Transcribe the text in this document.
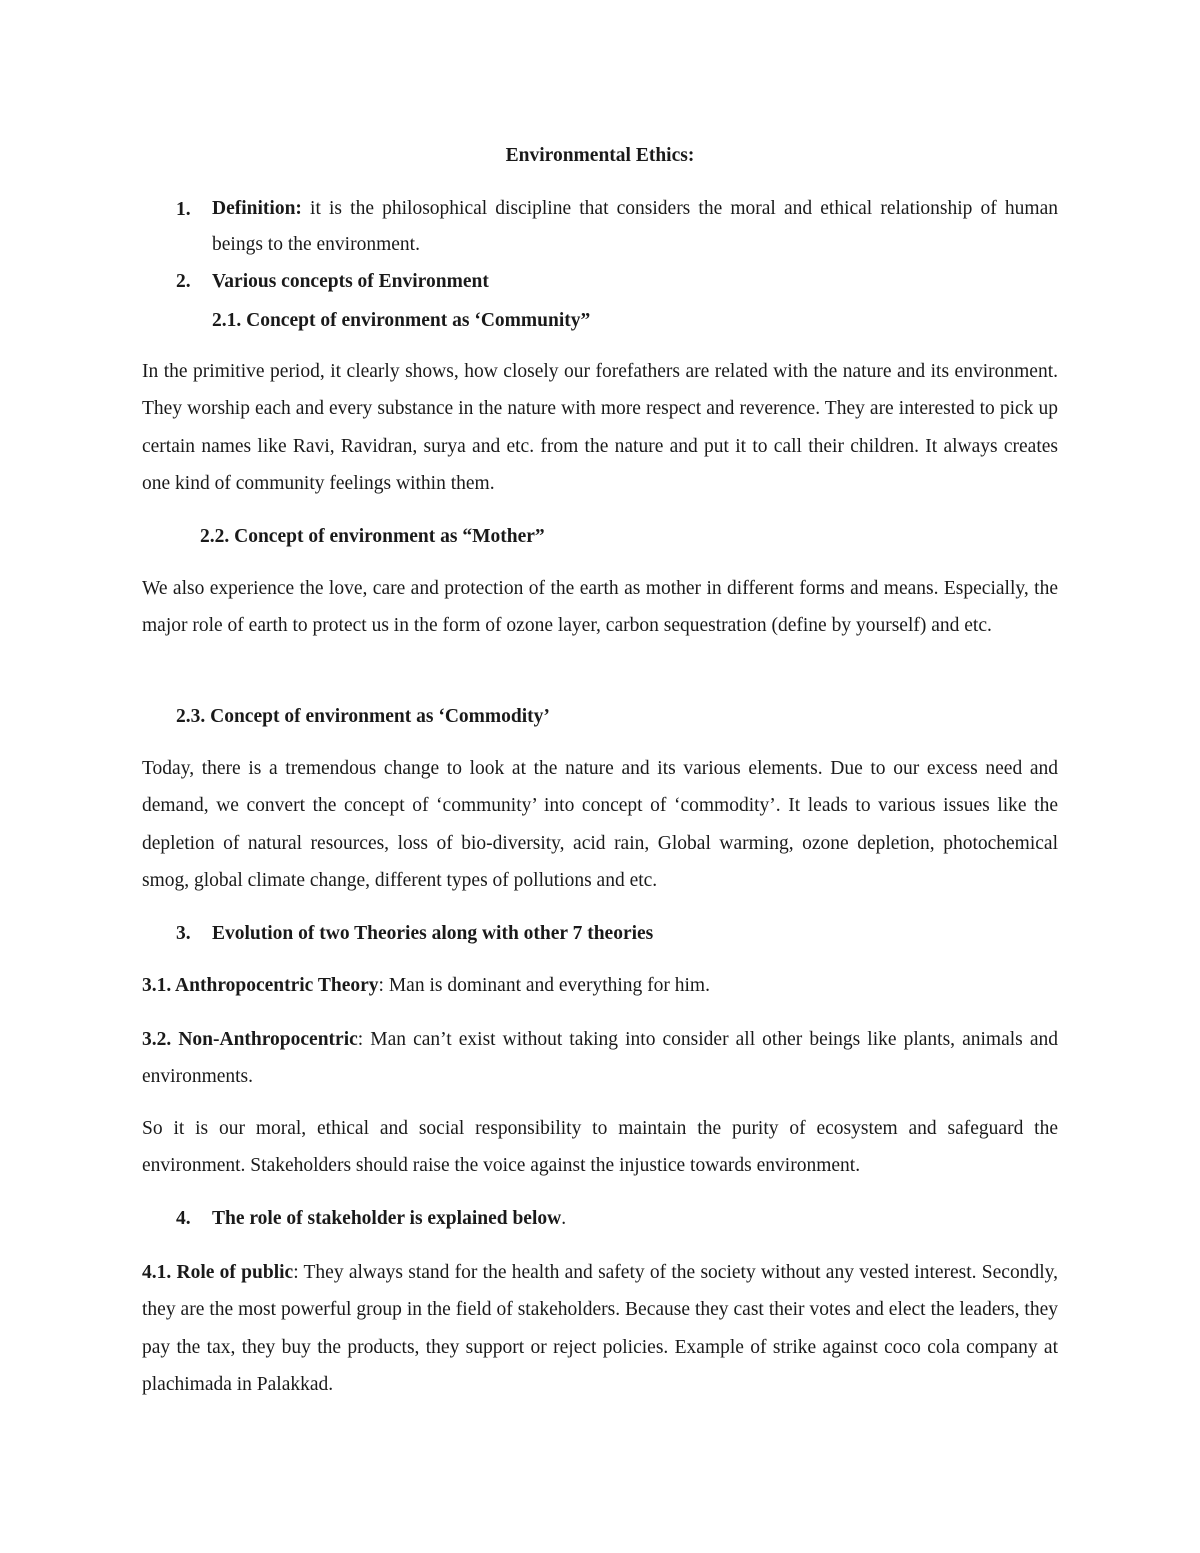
Environmental Ethics:
1.	Definition: it is the philosophical discipline that considers the moral and ethical relationship of human beings to the environment.
2. Various concepts of Environment
2.1. Concept of environment as ‘Community”
In the primitive period, it clearly shows, how closely our forefathers are related with the nature and its environment. They worship each and every substance in the nature with more respect and reverence. They are interested to pick up certain names like Ravi, Ravidran, surya and etc. from the nature and put it to call their children. It always creates one kind of community feelings within them.
2.2. Concept of environment as “Mother”
We also experience the love, care and protection of the earth as mother in different forms and means. Especially, the major role of earth to protect us in the form of ozone layer, carbon sequestration (define by yourself) and etc.
2.3. Concept of environment as ‘Commodity’
Today, there is a tremendous change to look at the nature and its various elements. Due to our excess need and demand, we convert the concept of ‘community’ into concept of ‘commodity’. It leads to various issues like the depletion of natural resources, loss of bio-diversity, acid rain, Global warming, ozone depletion, photochemical smog, global climate change, different types of pollutions and etc.
3. Evolution of two Theories along with other 7 theories
3.1. Anthropocentric Theory: Man is dominant and everything for him.
3.2. Non-Anthropocentric: Man can’t exist without taking into consider all other beings like plants, animals and environments.
So it is our moral, ethical and social responsibility to maintain the purity of ecosystem and safeguard the environment. Stakeholders should raise the voice against the injustice towards environment.
4. The role of stakeholder is explained below.
4.1. Role of public: They always stand for the health and safety of the society without any vested interest. Secondly, they are the most powerful group in the field of stakeholders. Because they cast their votes and elect the leaders, they pay the tax, they buy the products, they support or reject policies. Example of strike against coco cola company at plachimada in Palakkad.
